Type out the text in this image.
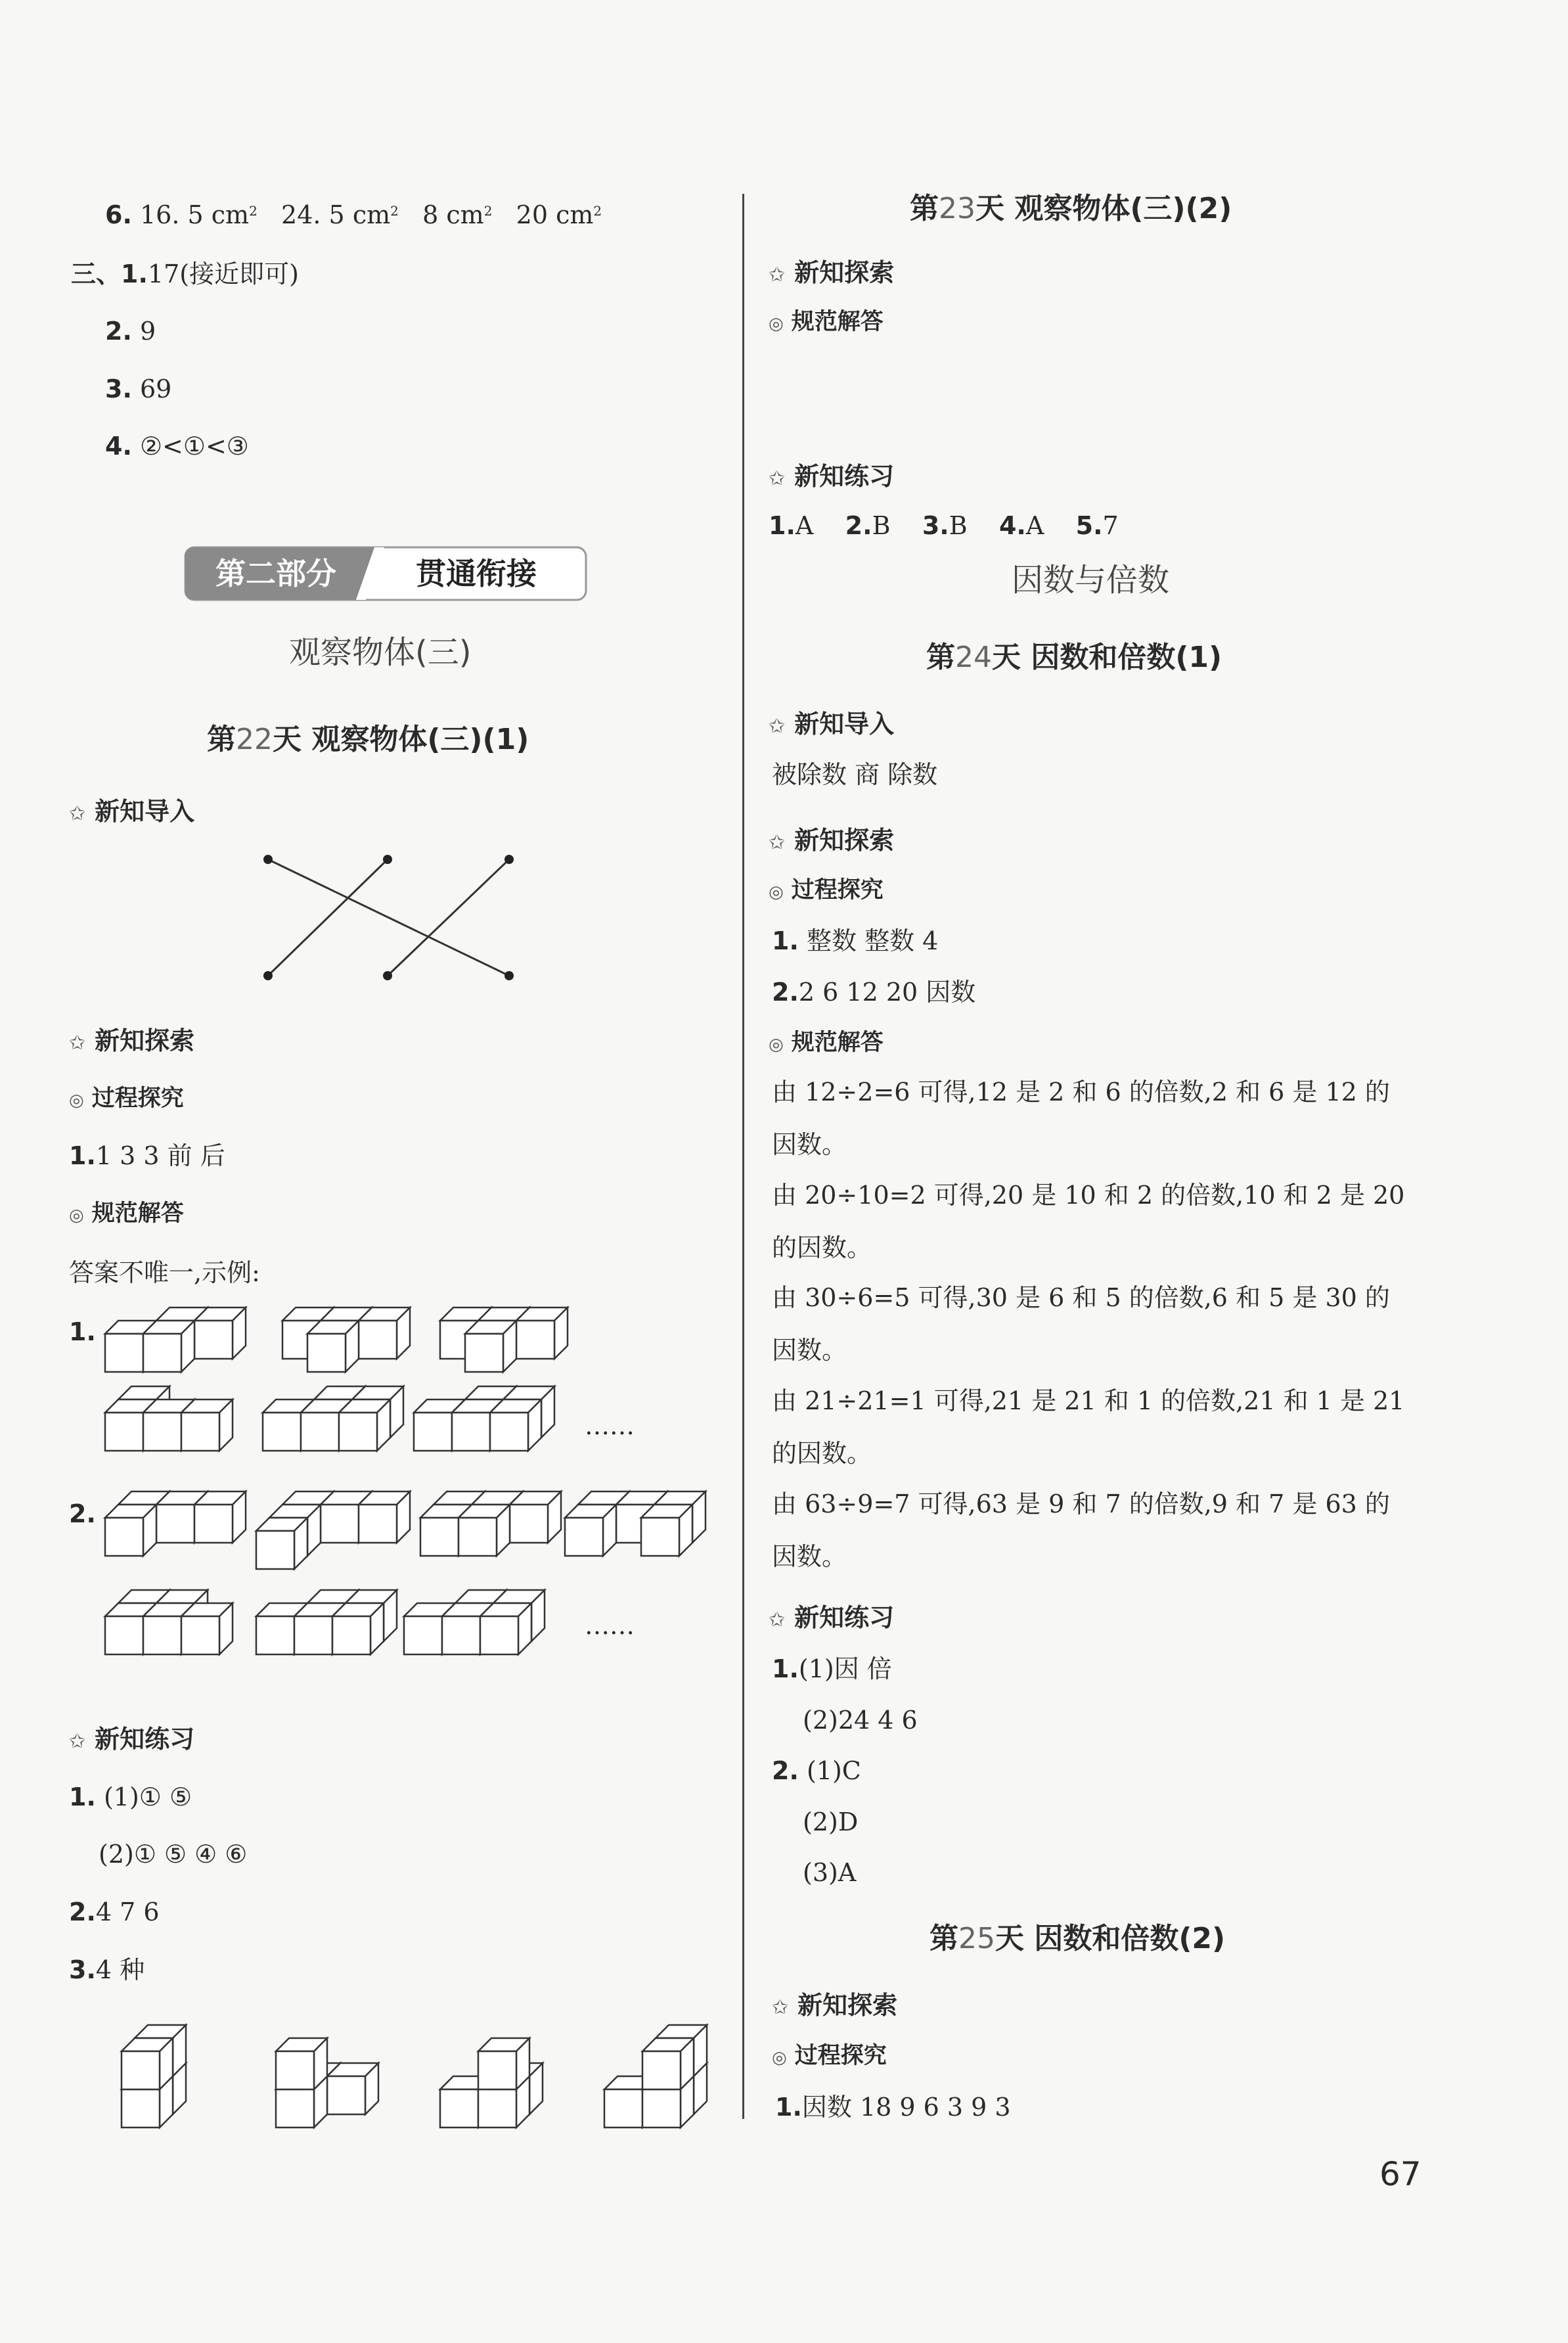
6. 16. 5 $cm^2$   24. 5 $cm^2$   8 $cm^2$   20 $cm^2$
三、1.17(接近即可)
2. 9
3. 69
4. ②<①<③
第二部分	贯通衔接
观察物体(三)
第22天 观察物体(三)(1)
✩ 新知导入
✩ 新知探索
◎ 过程探究
1.1 3 3 前 后
◎ 规范解答
答案不唯一,示例:
1.
2.
……
……
✩ 新知练习
1. (1)① ⑤
(2)① ⑤ ④ ⑥
2.4 7 6
3.4 种
第23天 观察物体(三)(2)
✩ 新知探索
◎ 规范解答
✩ 新知练习
1.A 2.B 3.B 4.A 5.7
因数与倍数
第24天 因数和倍数(1)
✩ 新知导入
被除数 商 除数
✩ 新知探索
◎ 过程探究
1. 整数 整数 4
2.2 6 12 20 因数
◎ 规范解答
由 12÷2=6 可得,12 是 2 和 6 的倍数,2 和 6 是 12 的
因数。
由 20÷10=2 可得,20 是 10 和 2 的倍数,10 和 2 是 20
的因数。
由 30÷6=5 可得,30 是 6 和 5 的倍数,6 和 5 是 30 的
因数。
由 21÷21=1 可得,21 是 21 和 1 的倍数,21 和 1 是 21
的因数。
由 63÷9=7 可得,63 是 9 和 7 的倍数,9 和 7 是 63 的
因数。
✩ 新知练习
1.(1)因 倍
(2)24 4 6
2. (1)C
(2)D
(3)A
第25天 因数和倍数(2)
✩ 新知探索
◎ 过程探究
1.因数 18 9 6 3 9 3
67
